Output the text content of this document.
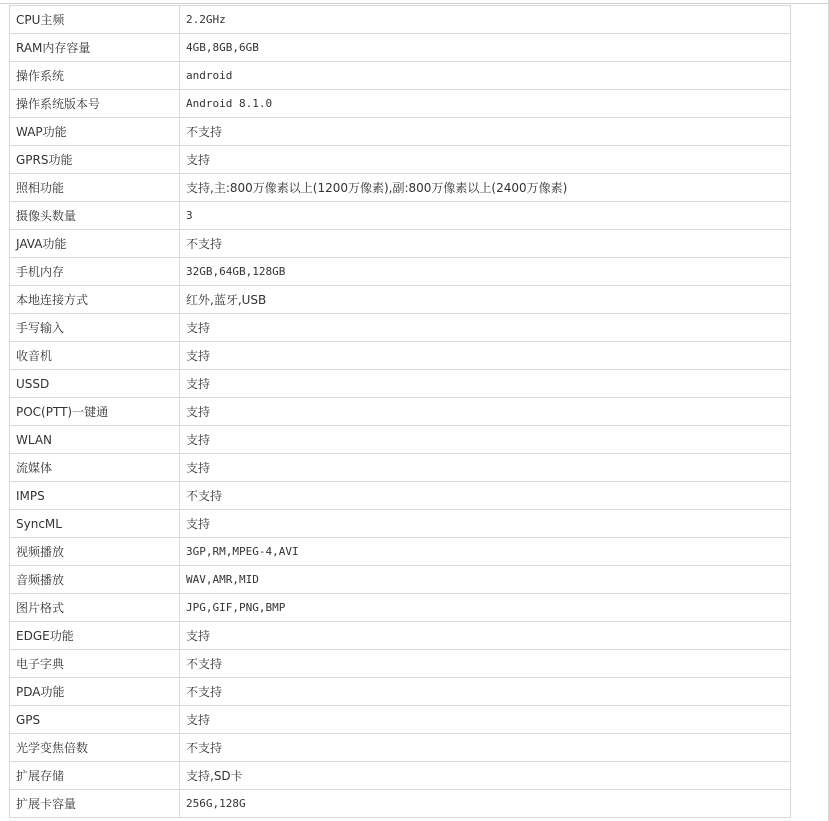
CPU主频	2.2GHz
RAM内存容量	4GB,8GB,6GB
操作系统	android
操作系统版本号	Android 8.1.0
WAP功能	不支持
GPRS功能	支持
照相功能	支持,主:800万像素以上(1200万像素),副:800万像素以上(2400万像素)
摄像头数量	3
JAVA功能	不支持
手机内存	32GB,64GB,128GB
本地连接方式	红外,蓝牙,USB
手写输入	支持
收音机	支持
USSD	支持
POC(PTT)一键通	支持
WLAN	支持
流媒体	支持
IMPS	不支持
SyncML	支持
视频播放	3GP,RM,MPEG-4,AVI
音频播放	WAV,AMR,MID
图片格式	JPG,GIF,PNG,BMP
EDGE功能	支持
电子字典	不支持
PDA功能	不支持
GPS	支持
光学变焦倍数	不支持
扩展存储	支持,SD卡
扩展卡容量	256G,128G
